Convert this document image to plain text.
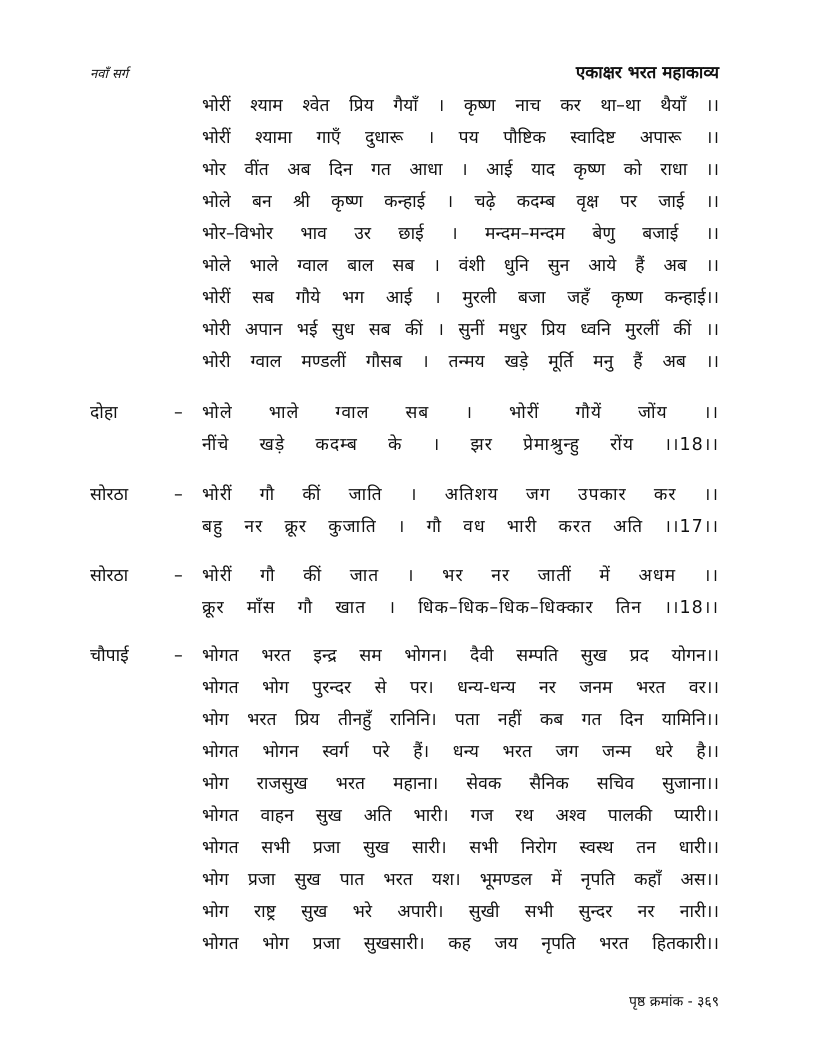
नवाँ सर्ग	एकाक्षर भरत महाकाव्य
भोरीं श्याम श्वेत प्रिय गैयाँ । कृष्ण नाच कर था–था थैयाँ ।।
भोरीं श्यामा गाएँ दुधारू । पय पौष्टिक स्वादिष्ट अपारू ।।
भोर वींत अब दिन गत आधा । आई याद कृष्ण को राधा ।।
भोले बन श्री कृष्ण कन्हाई । चढ़े कदम्ब वृक्ष पर जाई ।।
भोर–विभोर भाव उर छाई । मन्दम–मन्दम बेणु बजाई ।।
भोले भाले ग्वाल बाल सब । वंशी धुनि सुन आये हैं अब ।।
भोरीं सब गौये भग आई । मुरली बजा जहँ कृष्ण कन्हाई।।
भोरी अपान भई सुध सब कीं । सुनीं मधुर प्रिय ध्वनि मुरलीं कीं ।।
भोरी ग्वाल मण्डलीं गौसब । तन्मय खड़े मूर्ति मनु हैं अब ।।
दोहा	– भोले भाले ग्वाल सब । भोरीं गौयें जोंय ।।
नींचे खड़े कदम्ब के । झर प्रेमाश्रुन्हु रोंय ।।18।।
सोरठा	– भोरीं गौ कीं जाति । अतिशय जग उपकार कर ।।
बहु नर क्रूर कुजाति । गौ वध भारी करत अति ।।17।।
सोरठा	– भोरीं गौ कीं जात । भर नर जातीं में अधम ।।
क्रूर माँस गौ खात । धिक–धिक–धिक–धिक्कार तिन ।।18।।
चौपाई	– भोगत भरत इन्द्र सम भोगन। दैवी सम्पति सुख प्रद योगन।।
भोगत भोग पुरन्दर से पर। धन्य-धन्य नर जनम भरत वर।।
भोग भरत प्रिय तीनहुँ रानिनि। पता नहीं कब गत दिन यामिनि।।
भोगत भोगन स्वर्ग परे हैं। धन्य भरत जग जन्म धरे है।।
भोग राजसुख भरत महाना। सेवक सैनिक सचिव सुजाना।।
भोगत वाहन सुख अति भारी। गज रथ अश्व पालकी प्यारी।।
भोगत सभी प्रजा सुख सारी। सभी निरोग स्वस्थ तन धारी।।
भोग प्रजा सुख पात भरत यश। भूमण्डल में नृपति कहाँ अस।।
भोग राष्ट्र सुख भरे अपारी। सुखी सभी सुन्दर नर नारी।।
भोगत भोग प्रजा सुखसारी। कह जय नृपति भरत हितकारी।।
पृष्ठ क्रमांक - ३६९
